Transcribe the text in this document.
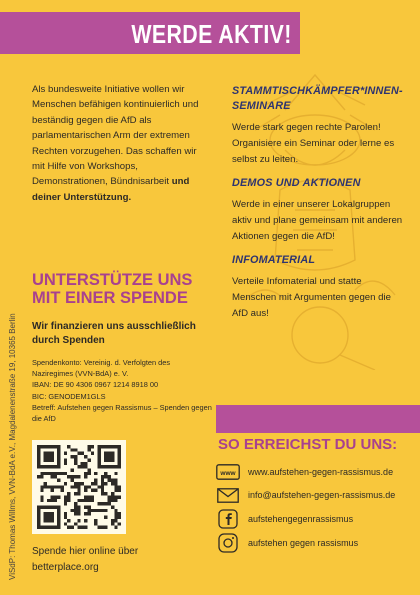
WERDE AKTIV!
ViSdP: Thomas Willms, VVN-BdA e.V., Magdalenenstraße 19, 10365 Berlin
Als bundesweite Initiative wollen wir Menschen befähigen kontinuierlich und beständig gegen die AfD als parlamentarischen Arm der extremen Rechten vorzugehen. Das schaffen wir mit Hilfe von Workshops, Demonstrationen, Bündnisarbeit und deiner Unterstützung.
UNTERSTÜTZE UNS MIT EINER SPENDE
Wir finanzieren uns ausschließlich durch Spenden
Spendenkonto: Vereinig. d. Verfolgten des Naziregimes (VVN-BdA) e. V.
IBAN: DE 90 4306 0967 1214 8918 00
BIC: GENODEM1GLS
Betreff: Aufstehen gegen Rassismus – Spenden gegen die AfD
Spende hier online über betterplace.org
STAMMTISCHKÄMPFER*INNEN-SEMINARE
Werde stark gegen rechte Parolen! Organisiere ein Seminar oder lerne es selbst zu leiten.
DEMOS UND AKTIONEN
Werde in einer unserer Lokalgruppen aktiv und plane gemeinsam mit anderen Aktionen gegen die AfD!
INFOMATERIAL
Verteile Infomaterial und statte Menschen mit Argumenten gegen die AfD aus!
SO ERREICHST DU UNS:
www www.aufstehen-gegen-rassismus.de
info@aufstehen-gegen-rassismus.de
aufstehengegenrassismus
aufstehen gegen rassismus
